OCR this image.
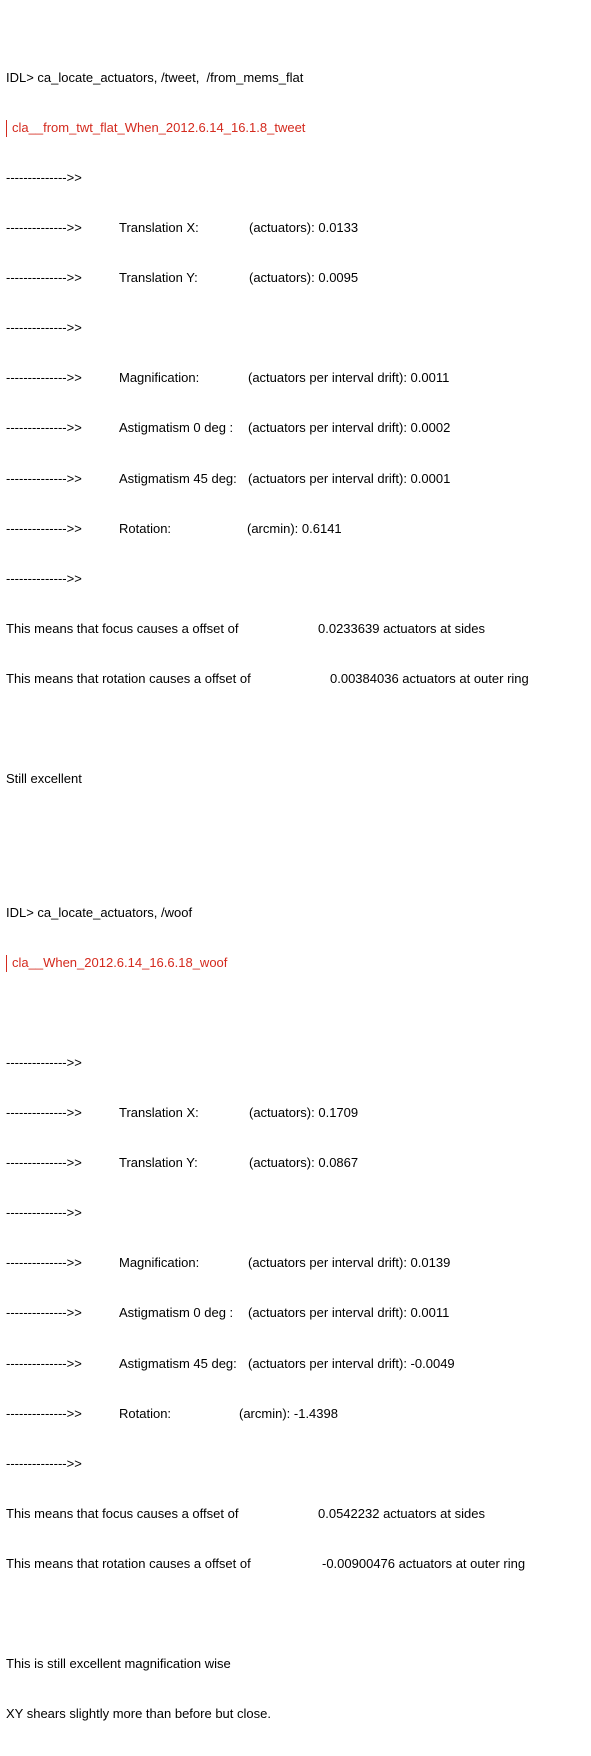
IDL> ca_locate_actuators, /tweet,  /from_mems_flat

cla__from_twt_flat_When_2012.6.14_16.1.8_tweet

-------------->>

-------------->>	Translation X:	(actuators): 0.0133

-------------->>	Translation Y:	(actuators): 0.0095

-------------->>

-------------->>	Magnification:	(actuators per interval drift): 0.0011

-------------->>	Astigmatism 0 deg : (actuators per interval drift): 0.0002

-------------->>	Astigmatism 45 deg: (actuators per interval drift): 0.0001

-------------->>	Rotation:	(arcmin): 0.6141

-------------->>

This means that focus causes a offset of	0.0233639 actuators at sides

This means that rotation causes a offset of	0.00384036 actuators at outer ring

Still excellent

IDL> ca_locate_actuators, /woof

cla__When_2012.6.14_16.6.18_woof

-------------->>

-------------->>	Translation X:	(actuators): 0.1709

-------------->>	Translation Y:	(actuators): 0.0867

-------------->>

-------------->>	Magnification:	(actuators per interval drift): 0.0139

-------------->>	Astigmatism 0 deg : (actuators per interval drift): 0.0011

-------------->>	Astigmatism 45 deg: (actuators per interval drift): -0.0049

-------------->>	Rotation:	(arcmin): -1.4398

-------------->>

This means that focus causes a offset of	0.0542232 actuators at sides

This means that rotation causes a offset of	-0.00900476 actuators at outer ring

This is still excellent magnification wise

XY shears slightly more than before but close.
